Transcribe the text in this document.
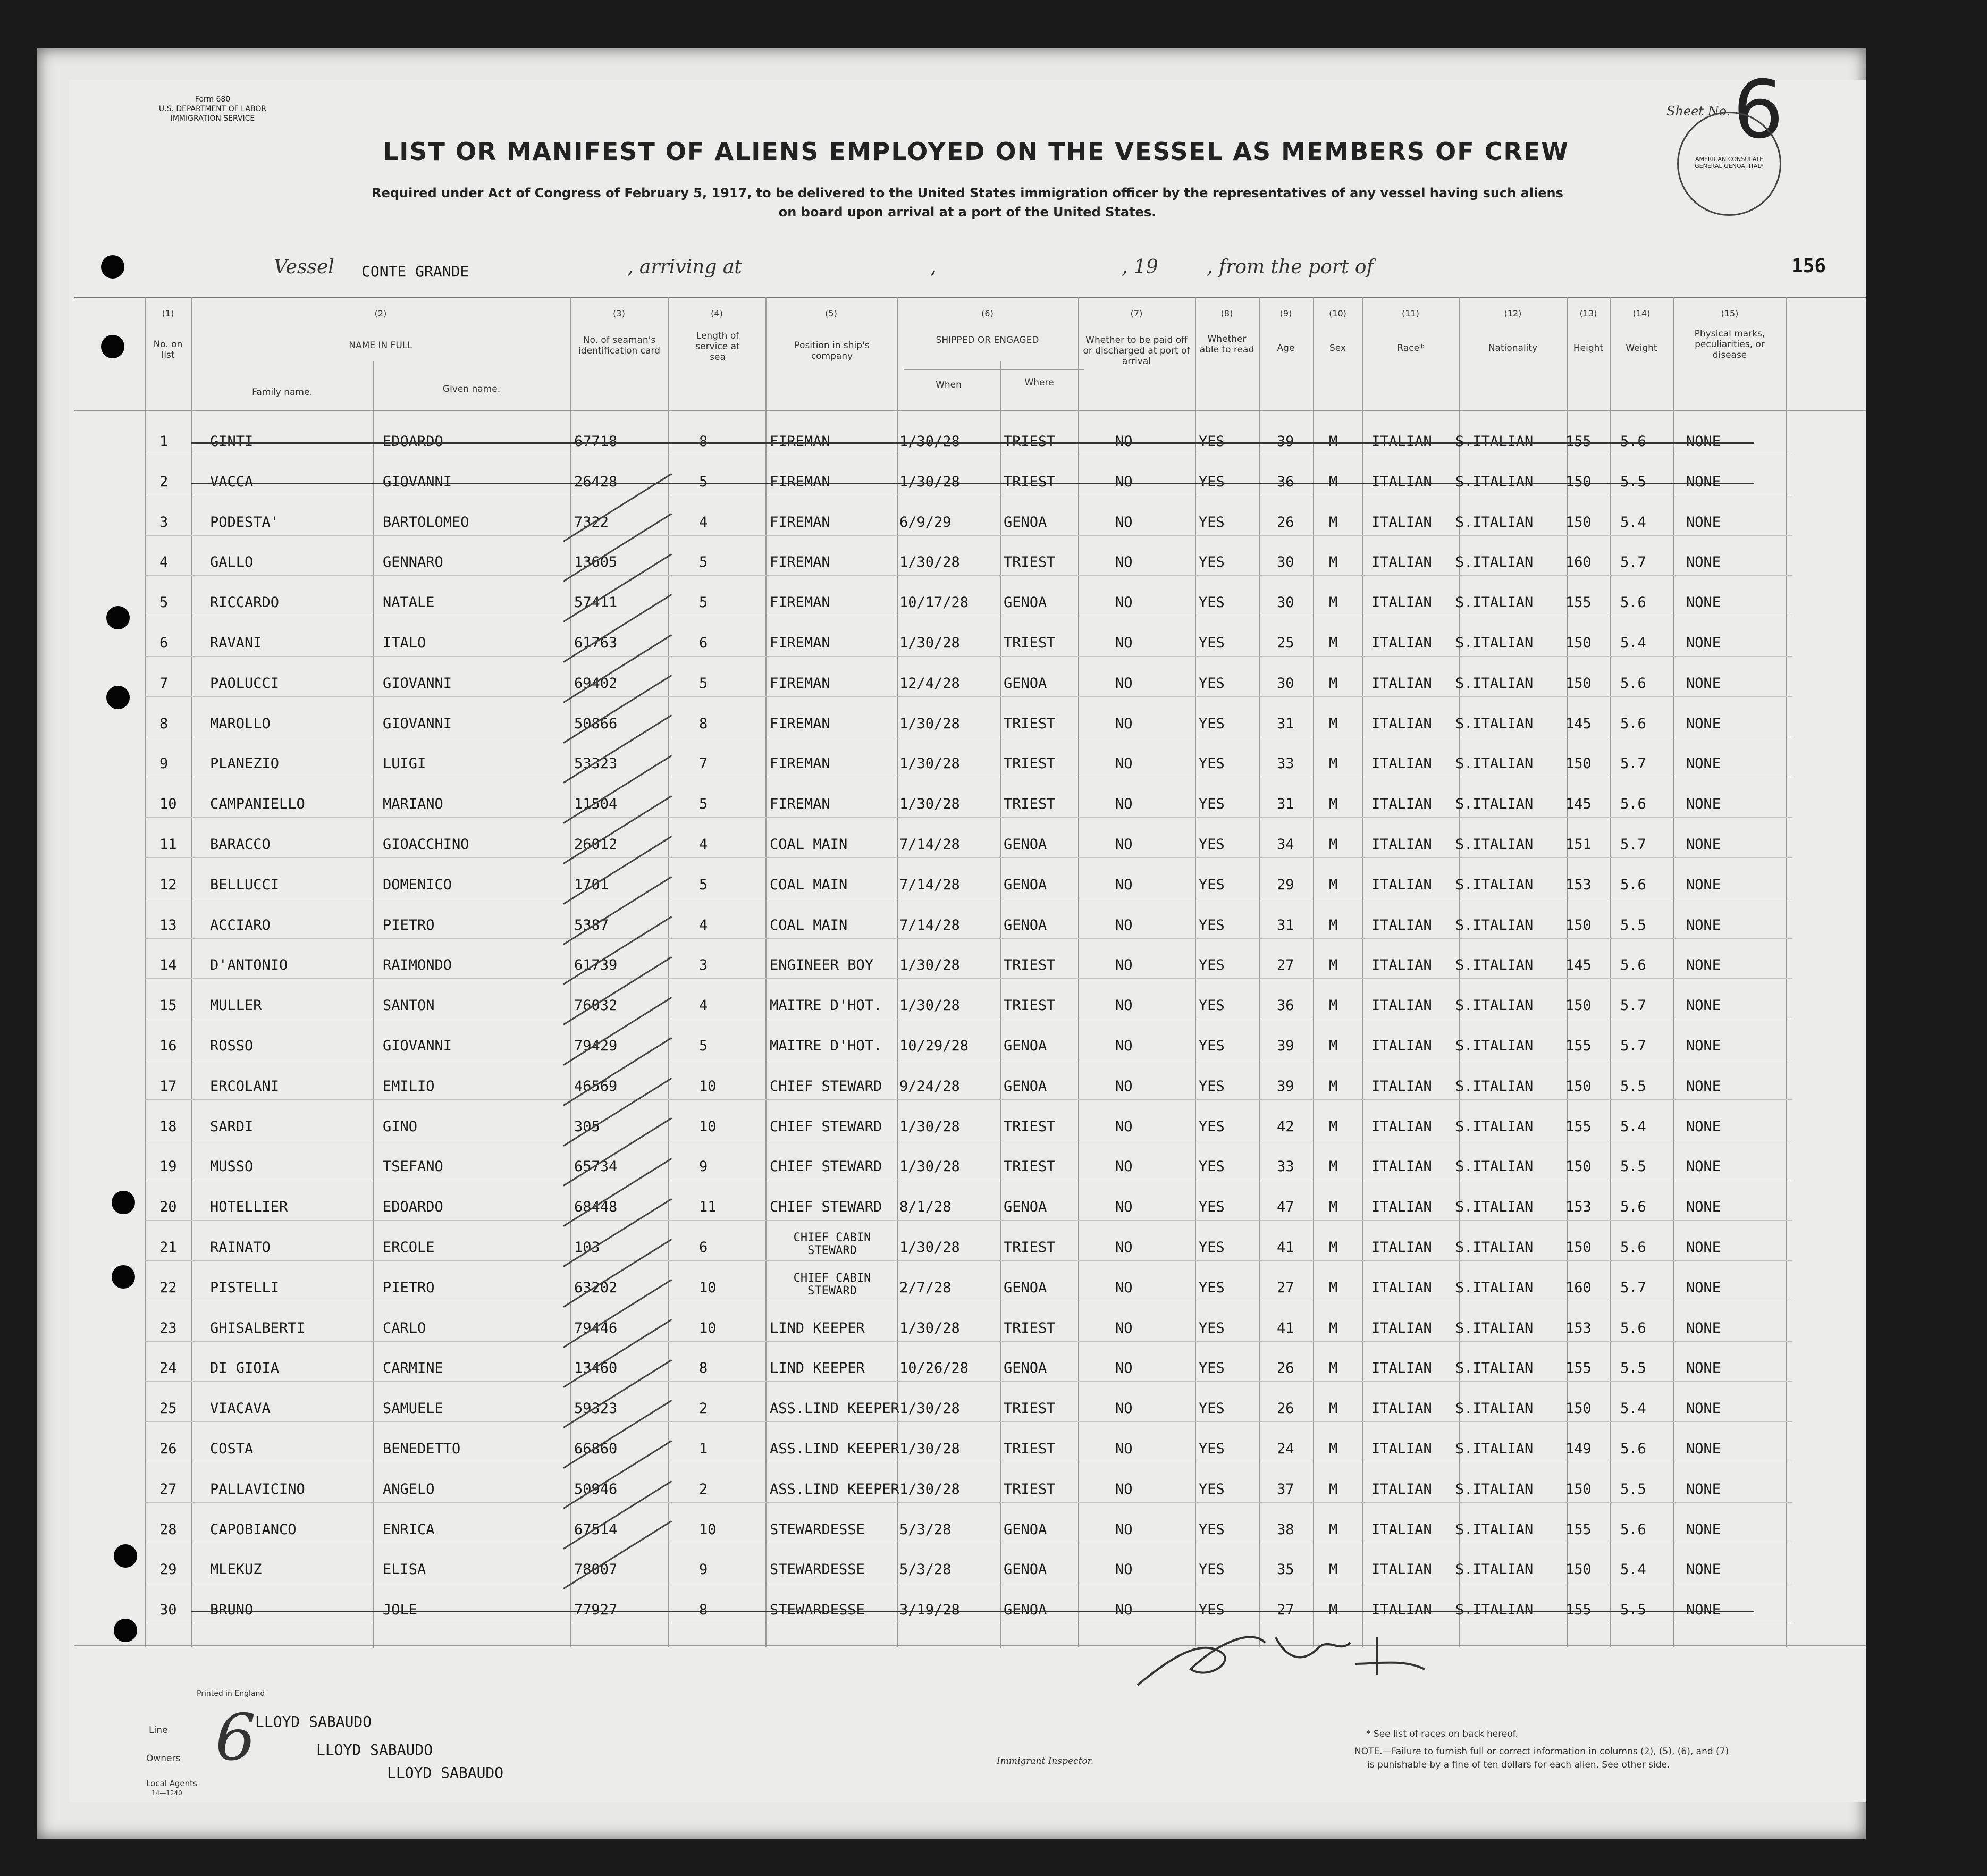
Form 680
U.S. DEPARTMENT OF LABOR
IMMIGRATION SERVICE	Sheet No. 6
AMERICAN CONSULATE GENERAL GENOA, ITALY
LIST OR MANIFEST OF ALIENS EMPLOYED ON THE VESSEL AS MEMBERS OF CREW
Required under Act of Congress of February 5, 1917, to be delivered to the United States immigration officer by the representatives of any vessel having such aliens
on board upon arrival at a port of the United States.
Vessel CONTE GRANDE	, arriving at	,	, 19	, from the port of	156
(1)
No. on list
(2)
NAME IN FULL
Family name.	Given name.
(3)
No. of seaman's identification card
(4)
Length of service at sea
(5)
Position in ship's company
(6)
SHIPPED OR ENGAGED
When	Where
(7)
Whether to be paid off or discharged at port of arrival
(8)
Whether able to read
(9)
Age
(10)
Sex
(11)
Race*
(12)
Nationality
(13)
Height
(14)
Weight
(15)
Physical marks, peculiarities, or disease
1	GINTI	EDOARDO	67718	8	FIREMAN	1/30/28	TRIEST	NO	YES	39 M ITALIAN S.ITALIAN 155 5.6	NONE
2	VACCA	GIOVANNI	26428	5	FIREMAN	1/30/28	TRIEST	NO	YES	36 M ITALIAN S.ITALIAN 150 5.5	NONE
3	PODESTA'	BARTOLOMEO	7322	4	FIREMAN	6/9/29	GENOA	NO	YES	26 M ITALIAN S.ITALIAN 150 5.4	NONE
4	GALLO	GENNARO	13605	5	FIREMAN	1/30/28	TRIEST	NO	YES	30 M ITALIAN S.ITALIAN 160 5.7	NONE
5	RICCARDO	NATALE	57411	5	FIREMAN	10/17/28 GENOA	NO	YES	30 M ITALIAN S.ITALIAN 155 5.6	NONE
6	RAVANI	ITALO	61763	6	FIREMAN	1/30/28	TRIEST	NO	YES	25 M ITALIAN S.ITALIAN 150 5.4	NONE
7	PAOLUCCI	GIOVANNI	69402	5	FIREMAN	12/4/28	GENOA	NO	YES	30 M ITALIAN S.ITALIAN 150 5.6	NONE
8	MAROLLO	GIOVANNI	50866	8	FIREMAN	1/30/28	TRIEST	NO	YES	31 M ITALIAN S.ITALIAN 145 5.6	NONE
9	PLANEZIO	LUIGI	53323	7	FIREMAN	1/30/28	TRIEST	NO	YES	33 M ITALIAN S.ITALIAN 150 5.7	NONE
10 CAMPANIELLO	MARIANO	11504	5	FIREMAN	1/30/28	TRIEST	NO	YES	31 M ITALIAN S.ITALIAN 145 5.6	NONE
11 BARACCO	GIOACCHINO	26012	4	COAL MAIN	7/14/28	GENOA	NO	YES	34 M ITALIAN S.ITALIAN 151 5.7	NONE
12 BELLUCCI	DOMENICO	1701	5	COAL MAIN	7/14/28	GENOA	NO	YES	29 M ITALIAN S.ITALIAN 153 5.6	NONE
13 ACCIARO	PIETRO	5387	4	COAL MAIN	7/14/28	GENOA	NO	YES	31 M ITALIAN S.ITALIAN 150 5.5	NONE
14 D'ANTONIO	RAIMONDO	61739	3	ENGINEER BOY 1/30/28	TRIEST	NO	YES	27 M ITALIAN S.ITALIAN 145 5.6	NONE
15 MULLER	SANTON	76032	4	MAITRE D'HOT. 1/30/28	TRIEST	NO	YES	36 M ITALIAN S.ITALIAN 150 5.7	NONE
16 ROSSO	GIOVANNI	79429	5	MAITRE D'HOT. 10/29/28 GENOA	NO	YES	39 M ITALIAN S.ITALIAN 155 5.7	NONE
17 ERCOLANI	EMILIO	46569	10	CHIEF STEWARD 9/24/28	GENOA	NO	YES	39 M ITALIAN S.ITALIAN 150 5.5	NONE
18 SARDI	GINO	305	10	CHIEF STEWARD 1/30/28	TRIEST	NO	YES	42 M ITALIAN S.ITALIAN 155 5.4	NONE
19 MUSSO	TSEFANO	65734	9	CHIEF STEWARD 1/30/28	TRIEST	NO	YES	33 M ITALIAN S.ITALIAN 150 5.5	NONE
20 HOTELLIER	EDOARDO	68448	11	CHIEF STEWARD 8/1/28	GENOA	NO	YES	47 M ITALIAN S.ITALIAN 153 5.6	NONE
21 RAINATO	ERCOLE	103	6
CHIEF CABIN STEWARD	1/30/28	TRIEST	NO	YES	41 M ITALIAN S.ITALIAN 150 5.6	NONE
22 PISTELLI	PIETRO	63202	10
CHIEF CABIN STEWARD	2/7/28	GENOA	NO	YES	27 M ITALIAN S.ITALIAN 160 5.7	NONE
23 GHISALBERTI	CARLO	79446	10	LIND KEEPER 1/30/28	TRIEST	NO	YES	41 M ITALIAN S.ITALIAN 153 5.6	NONE
24 DI GIOIA	CARMINE	13460	8	LIND KEEPER 10/26/28 GENOA	NO	YES	26 M ITALIAN S.ITALIAN 155 5.5	NONE
25 VIACAVA	SAMUELE	59323	2	ASS.LIND KEEPER 1/30/28	TRIEST	NO	YES	26 M ITALIAN S.ITALIAN 150 5.4	NONE
26 COSTA	BENEDETTO	66860	1	ASS.LIND KEEPER 1/30/28	TRIEST	NO	YES	24 M ITALIAN S.ITALIAN 149 5.6	NONE
27 PALLAVICINO	ANGELO	50946	2	ASS.LIND KEEPER 1/30/28	TRIEST	NO	YES	37 M ITALIAN S.ITALIAN 150 5.5	NONE
28 CAPOBIANCO	ENRICA	67514	10	STEWARDESSE 5/3/28	GENOA	NO	YES	38 M ITALIAN S.ITALIAN 155 5.6	NONE
29 MLEKUZ	ELISA	78007	9	STEWARDESSE 5/3/28	GENOA	NO	YES	35 M ITALIAN S.ITALIAN 150 5.4	NONE
30 BRUNO	JOLE	77927	8	STEWARDESSE 3/19/28	GENOA	NO	YES	27 M ITALIAN S.ITALIAN 155 5.5	NONE
Printed in England
Line	LLOYD SABAUDO
Owners	LLOYD SABAUDO
Local Agents
14—1240
LLOYD SABAUDO
6	Immigrant Inspector.
* See list of races on back hereof.
NOTE.—Failure to furnish full or correct information in columns (2), (5), (6), and (7)
is punishable by a fine of ten dollars for each alien. See other side.
